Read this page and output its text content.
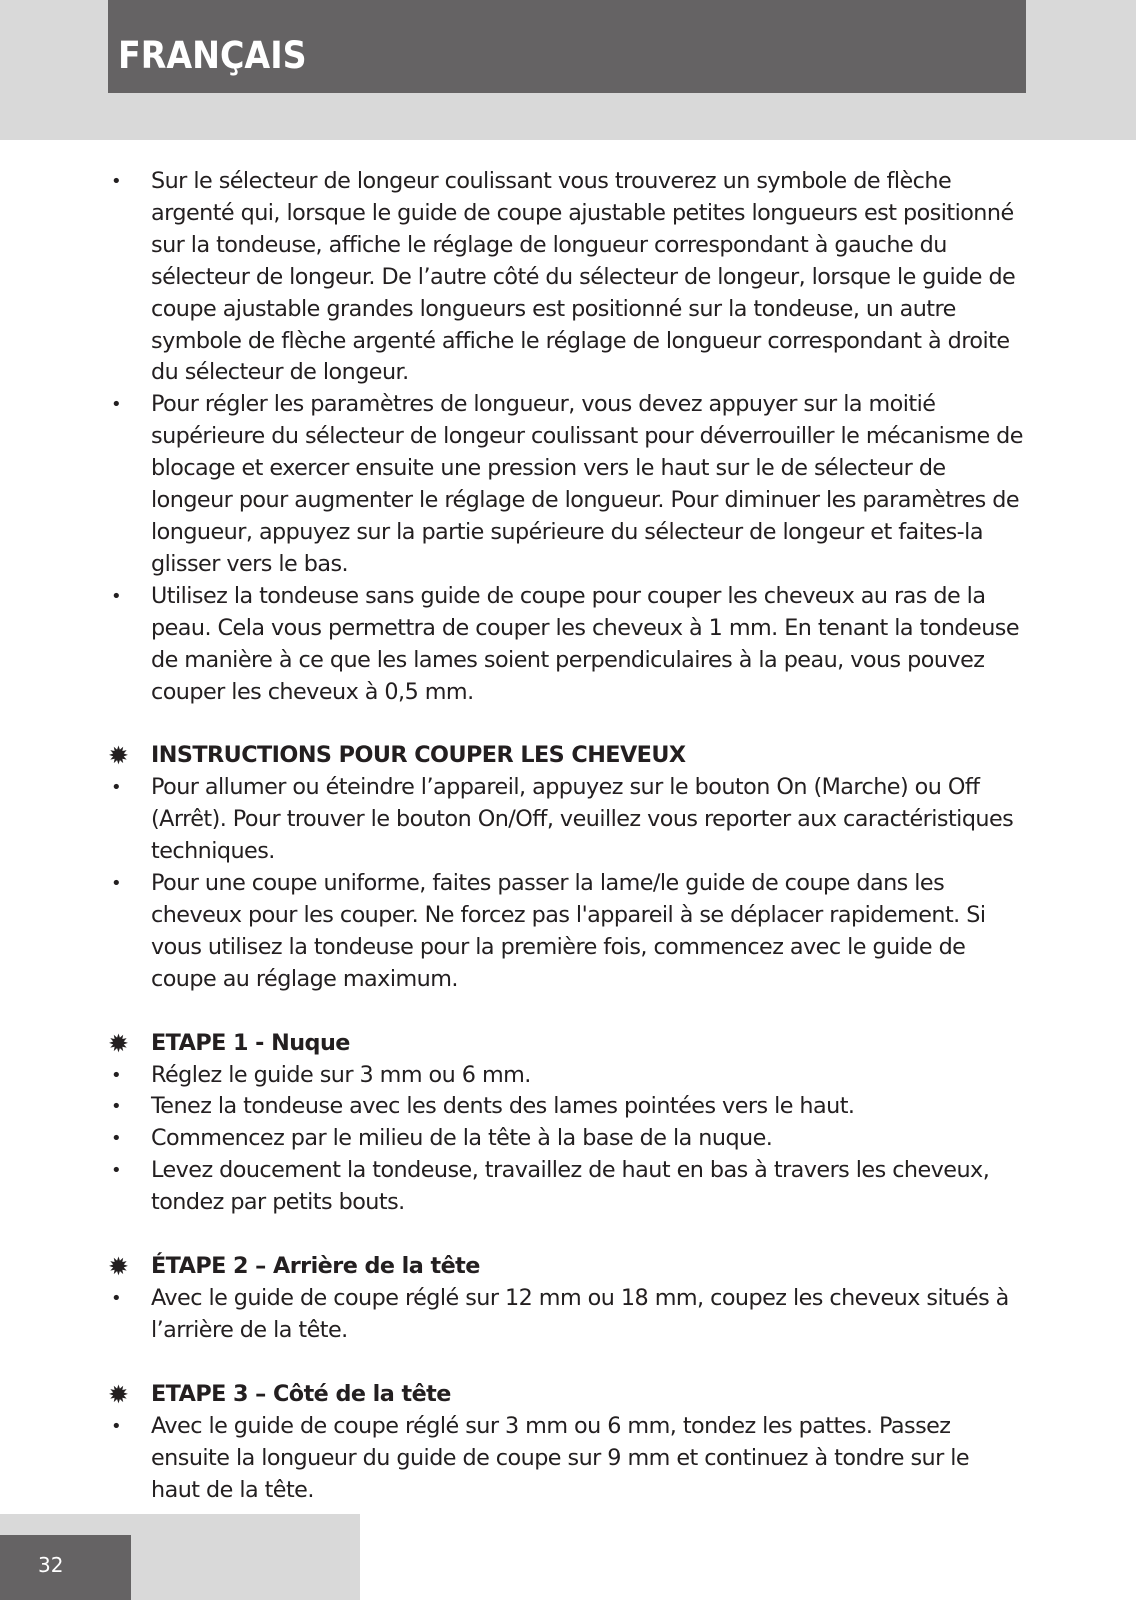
FRANÇAIS
• Sur le sélecteur de longeur coulissant vous trouverez un symbole de flèche argenté qui, lorsque le guide de coupe ajustable petites longueurs est positionné sur la tondeuse, affiche le réglage de longueur correspondant à gauche du sélecteur de longeur. De l’autre côté du sélecteur de longeur, lorsque le guide de coupe ajustable grandes longueurs est positionné sur la tondeuse, un autre symbole de flèche argenté affiche le réglage de longueur correspondant à droite du sélecteur de longeur.
• Pour régler les paramètres de longueur, vous devez appuyer sur la moitié supérieure du sélecteur de longeur coulissant pour déverrouiller le mécanisme de blocage et exercer ensuite une pression vers le haut sur le de sélecteur de longeur pour augmenter le réglage de longueur. Pour diminuer les paramètres de longueur, appuyez sur la partie supérieure du sélecteur de longeur et faites-la glisser vers le bas.
• Utilisez la tondeuse sans guide de coupe pour couper les cheveux au ras de la peau. Cela vous permettra de couper les cheveux à 1 mm. En tenant la tondeuse de manière à ce que les lames soient perpendiculaires à la peau, vous pouvez couper les cheveux à 0,5 mm.
✹ INSTRUCTIONS POUR COUPER LES CHEVEUX
• Pour allumer ou éteindre l’appareil, appuyez sur le bouton On (Marche) ou Off (Arrêt). Pour trouver le bouton On/Off, veuillez vous reporter aux caractéristiques techniques.
• Pour une coupe uniforme, faites passer la lame/le guide de coupe dans les cheveux pour les couper. Ne forcez pas l'appareil à se déplacer rapidement. Si vous utilisez la tondeuse pour la première fois, commencez avec le guide de coupe au réglage maximum.
✹ ETAPE 1 - Nuque
• Réglez le guide sur 3 mm ou 6 mm.
• Tenez la tondeuse avec les dents des lames pointées vers le haut.
• Commencez par le milieu de la tête à la base de la nuque.
• Levez doucement la tondeuse, travaillez de haut en bas à travers les cheveux, tondez par petits bouts.
✹ ÉTAPE 2 – Arrière de la tête
• Avec le guide de coupe réglé sur 12 mm ou 18 mm, coupez les cheveux situés à l’arrière de la tête.
✹ ETAPE 3 – Côté de la tête
• Avec le guide de coupe réglé sur 3 mm ou 6 mm, tondez les pattes. Passez ensuite la longueur du guide de coupe sur 9 mm et continuez à tondre sur le haut de la tête.
32
